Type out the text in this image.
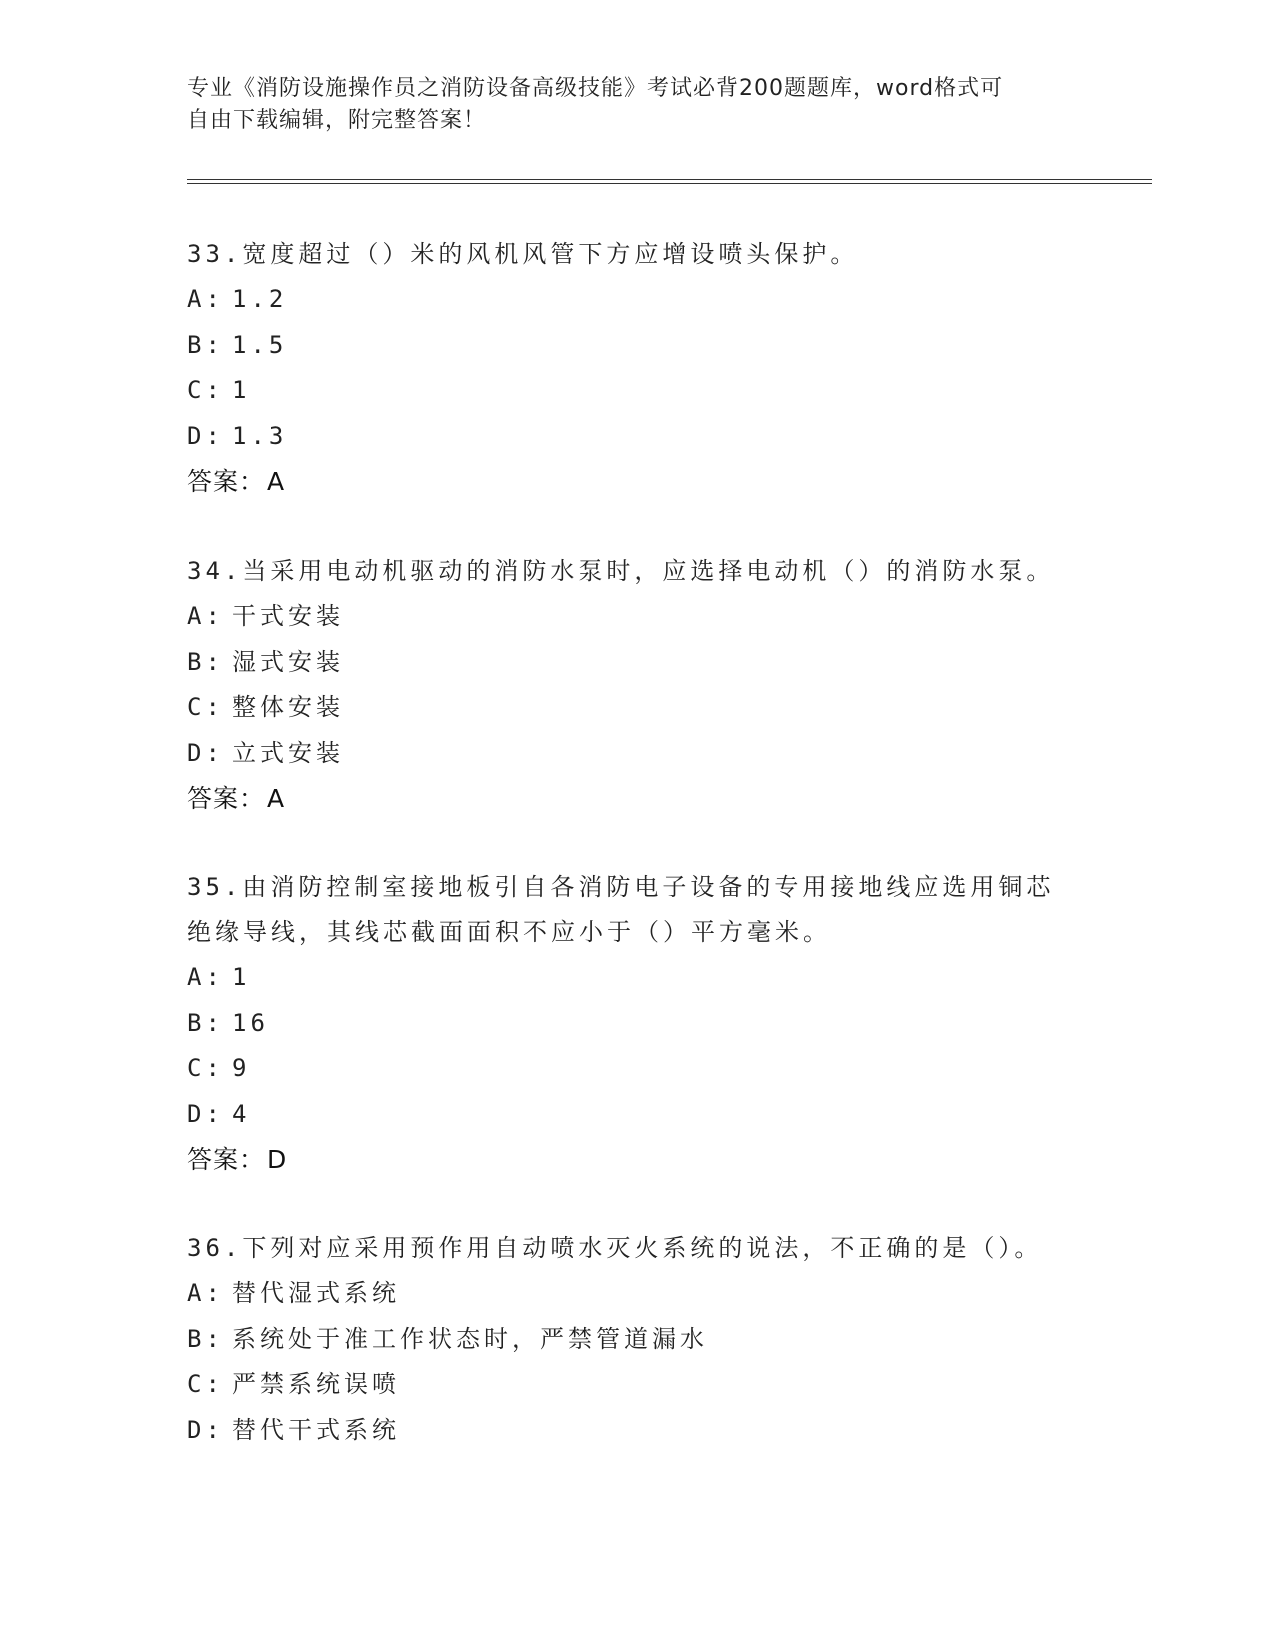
专业《消防设施操作员之消防设备高级技能》考试必背200题题库，word格式可
自由下载编辑，附完整答案！
33.宽度超过（）米的风机风管下方应增设喷头保护。
A: 1.2
B: 1.5
C: 1
D: 1.3
答案：A
34.当采用电动机驱动的消防水泵时，应选择电动机（）的消防水泵。
A: 干式安装
B: 湿式安装
C: 整体安装
D: 立式安装
答案：A
35.由消防控制室接地板引自各消防电子设备的专用接地线应选用铜芯
绝缘导线，其线芯截面面积不应小于（）平方毫米。
A: 1
B: 16
C: 9
D: 4
答案：D
36.下列对应采用预作用自动喷水灭火系统的说法，不正确的是（）。
A: 替代湿式系统
B: 系统处于准工作状态时，严禁管道漏水
C: 严禁系统误喷
D: 替代干式系统
